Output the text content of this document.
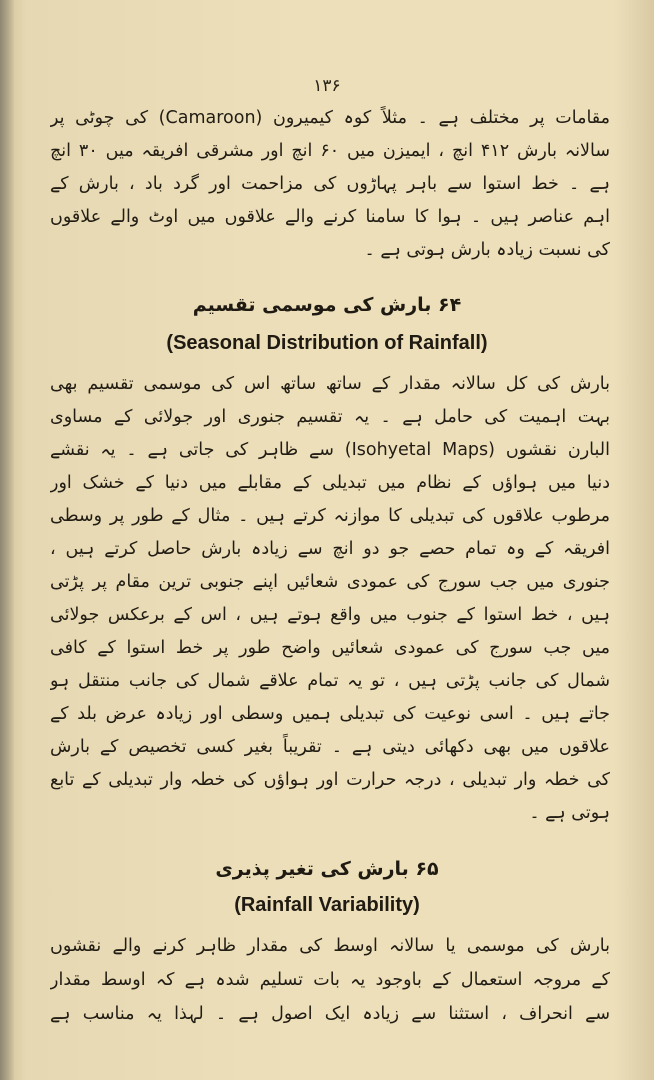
۱۳۶
مقامات پر مختلف ہے ۔ مثلاً کوہ کیمیرون (Camaroon) کی چوٹی پر
سالانہ بارش ۴۱۲ انچ ، ایمیزن میں ۶۰ انچ اور مشرقی افریقہ میں ۳۰ انچ
ہے ۔ خط استوا سے باہر پہاڑوں کی مزاحمت اور گرد باد ، بارش کے
اہم عناصر ہیں ۔ ہوا کا سامنا کرنے والے علاقوں میں اوٹ والے علاقوں
کی نسبت زیادہ بارش ہوتی ہے ۔
۶۴ بارش کی موسمی تقسیم
(Seasonal Distribution of Rainfall)
بارش کی کل سالانہ مقدار کے ساتھ ساتھ اس کی موسمی تقسیم بھی
بہت اہمیت کی حامل ہے ۔ یہ تقسیم جنوری اور جولائی کے مساوی
البارن نقشوں (Isohyetal Maps) سے ظاہر کی جاتی ہے ۔ یہ نقشے
دنیا میں ہواؤں کے نظام میں تبدیلی کے مقابلے میں دنیا کے خشک اور
مرطوب علاقوں کی تبدیلی کا موازنہ کرتے ہیں ۔ مثال کے طور پر وسطی
افریقہ کے وہ تمام حصے جو دو انچ سے زیادہ بارش حاصل کرتے ہیں ،
جنوری میں جب سورج کی عمودی شعائیں اپنے جنوبی ترین مقام پر پڑتی
ہیں ، خط استوا کے جنوب میں واقع ہوتے ہیں ، اس کے برعکس جولائی
میں جب سورج کی عمودی شعائیں واضح طور پر خط استوا کے کافی
شمال کی جانب پڑتی ہیں ، تو یہ تمام علاقے شمال کی جانب منتقل ہو
جاتے ہیں ۔ اسی نوعیت کی تبدیلی ہمیں وسطی اور زیادہ عرض بلد کے
علاقوں میں بھی دکھائی دیتی ہے ۔ تقریباً بغیر کسی تخصیص کے بارش
کی خطہ وار تبدیلی ، درجہ حرارت اور ہواؤں کی خطہ وار تبدیلی کے تابع
ہوتی ہے ۔
۶۵ بارش کی تغیر پذیری
(Rainfall Variability)
بارش کی موسمی یا سالانہ اوسط کی مقدار ظاہر کرنے والے نقشوں
کے مروجہ استعمال کے باوجود یہ بات تسلیم شدہ ہے کہ اوسط مقدار
سے انحراف ، استثنا سے زیادہ ایک اصول ہے ۔ لہذا یہ مناسب ہے
